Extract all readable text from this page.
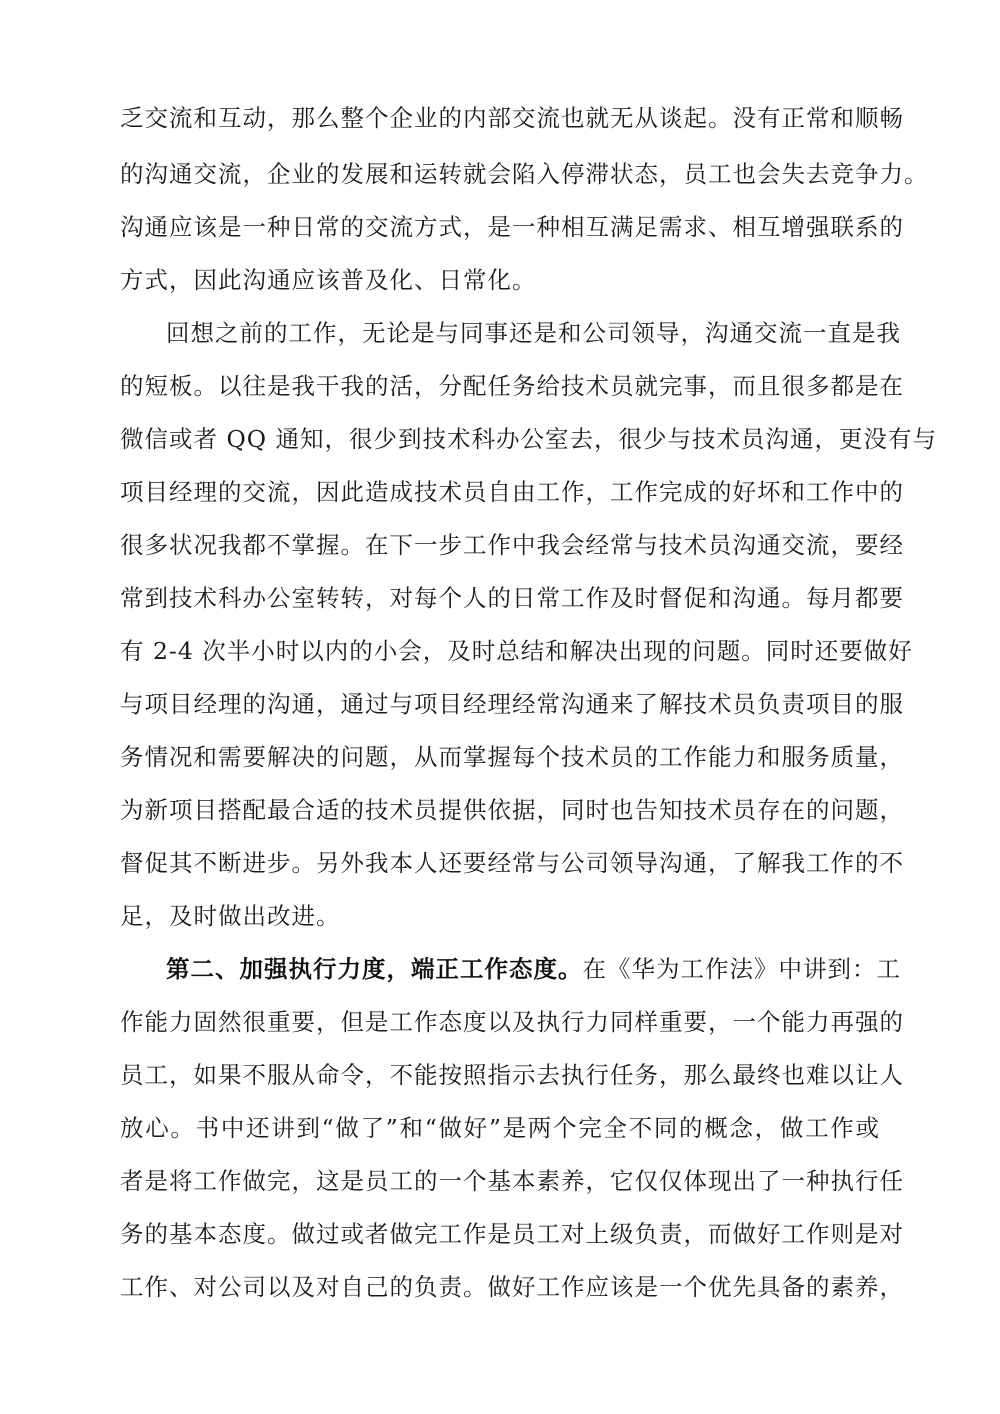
乏交流和互动，那么整个企业的内部交流也就无从谈起。没有正常和顺畅
的沟通交流，企业的发展和运转就会陷入停滞状态，员工也会失去竞争力。
沟通应该是一种日常的交流方式，是一种相互满足需求、相互增强联系的
方式，因此沟通应该普及化、日常化。
回想之前的工作，无论是与同事还是和公司领导，沟通交流一直是我
的短板。以往是我干我的活，分配任务给技术员就完事，而且很多都是在
微信或者 QQ 通知，很少到技术科办公室去，很少与技术员沟通，更没有与
项目经理的交流，因此造成技术员自由工作，工作完成的好坏和工作中的
很多状况我都不掌握。在下一步工作中我会经常与技术员沟通交流，要经
常到技术科办公室转转，对每个人的日常工作及时督促和沟通。每月都要
有 2-4 次半小时以内的小会，及时总结和解决出现的问题。同时还要做好
与项目经理的沟通，通过与项目经理经常沟通来了解技术员负责项目的服
务情况和需要解决的问题，从而掌握每个技术员的工作能力和服务质量，
为新项目搭配最合适的技术员提供依据，同时也告知技术员存在的问题，
督促其不断进步。另外我本人还要经常与公司领导沟通，了解我工作的不
足，及时做出改进。
第二、加强执行力度，端正工作态度。在《华为工作法》中讲到：工
作能力固然很重要，但是工作态度以及执行力同样重要，一个能力再强的
员工，如果不服从命令，不能按照指示去执行任务，那么最终也难以让人
放心。书中还讲到“做了”和“做好”是两个完全不同的概念，做工作或
者是将工作做完，这是员工的一个基本素养，它仅仅体现出了一种执行任
务的基本态度。做过或者做完工作是员工对上级负责，而做好工作则是对
工作、对公司以及对自己的负责。做好工作应该是一个优先具备的素养，
